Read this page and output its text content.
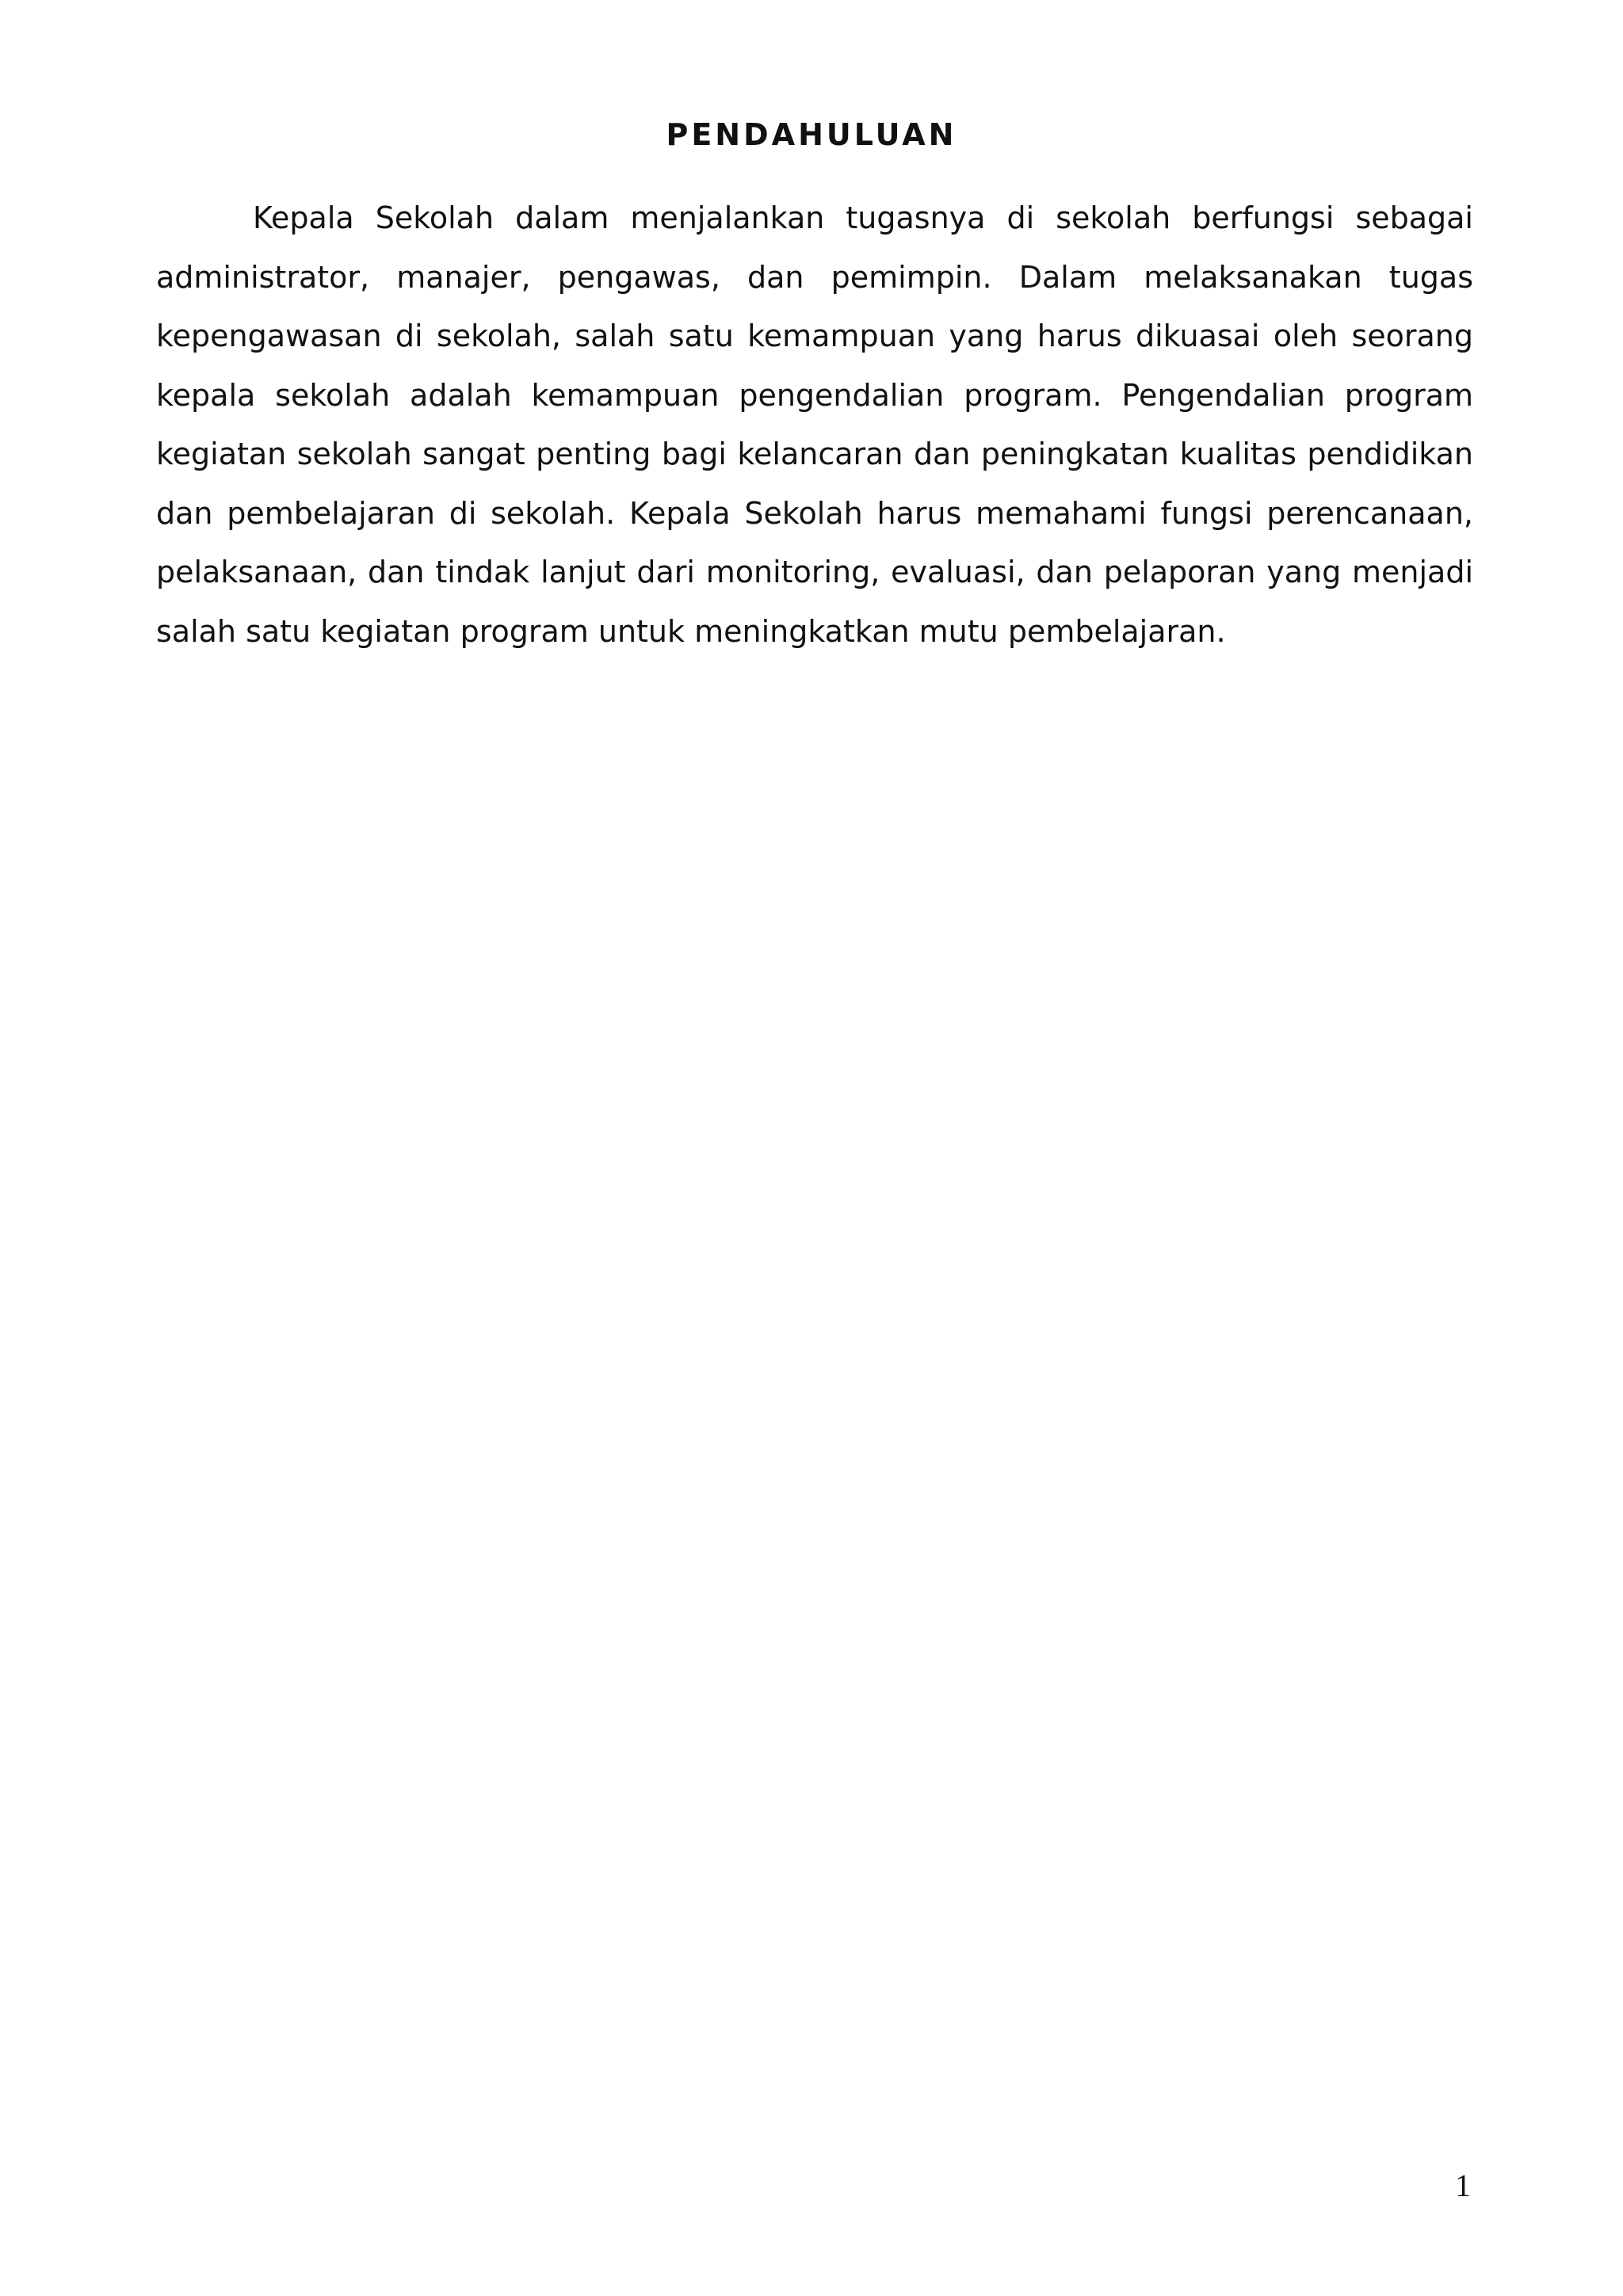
PENDAHULUAN

Kepala Sekolah dalam menjalankan tugasnya di sekolah berfungsi sebagai administrator, manajer, pengawas, dan pemimpin. Dalam melaksanakan tugas kepengawasan di sekolah, salah satu kemampuan yang harus dikuasai oleh seorang kepala sekolah adalah kemampuan pengendalian program. Pengendalian program kegiatan sekolah sangat penting bagi kelancaran dan peningkatan kualitas pendidikan dan pembelajaran di sekolah. Kepala Sekolah harus memahami fungsi perencanaan, pelaksanaan, dan tindak lanjut dari monitoring, evaluasi, dan pelaporan yang menjadi salah satu kegiatan program untuk meningkatkan mutu pembelajaran.

1
